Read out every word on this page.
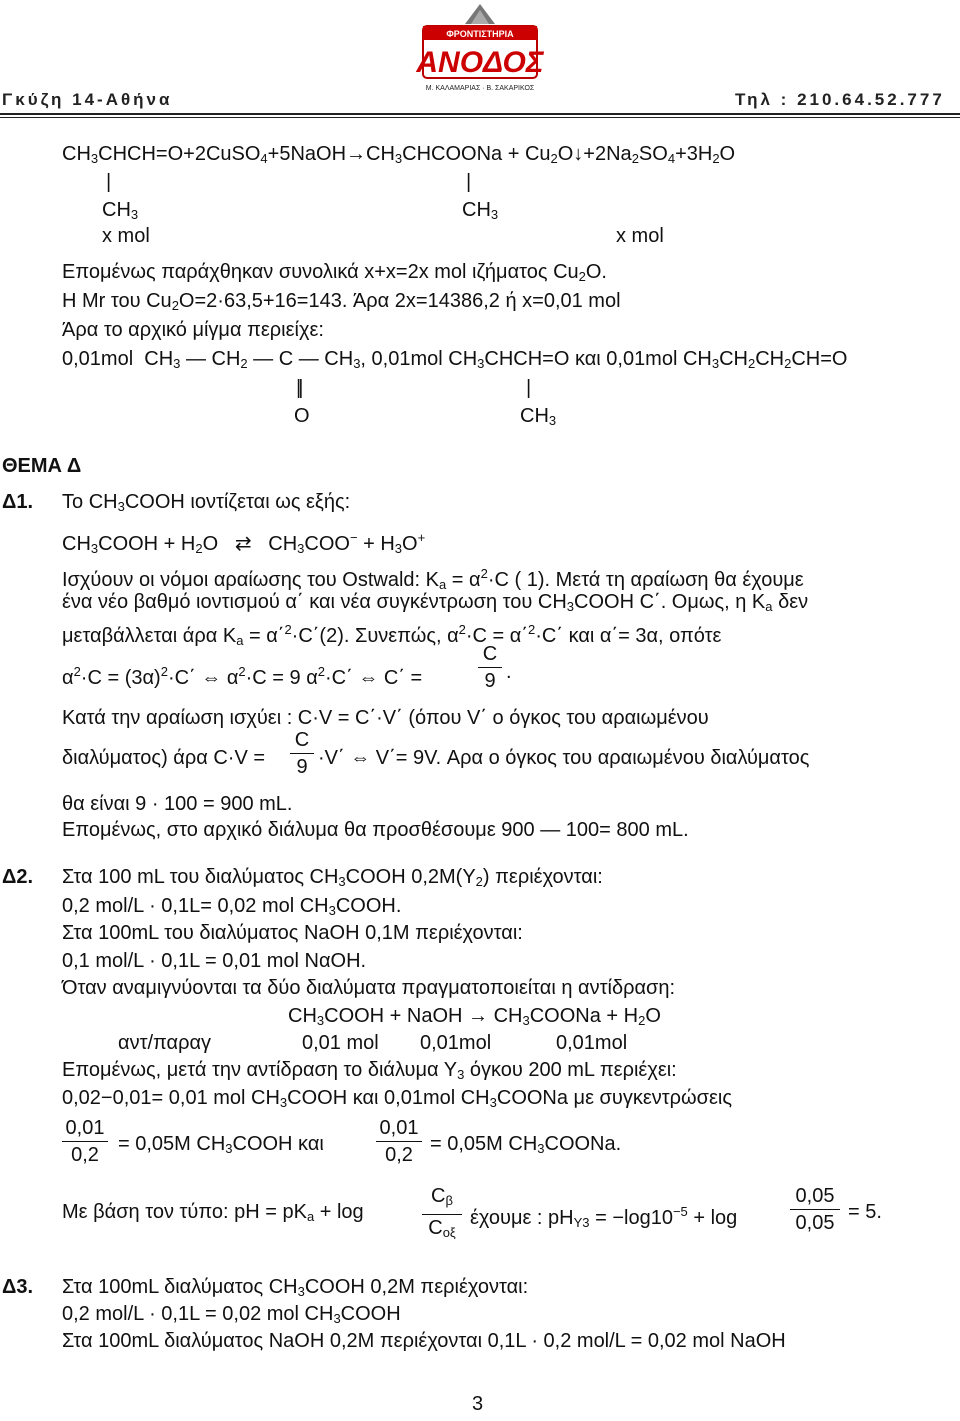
ΦΡΟΝΤΙΣΤΗΡΙΑ
ΑΝΟΔΟΣ
Μ. ΚΑΛΑΜΑΡΙΑΣ · Β. ΣΑΚΑΡΙΚΟΣ
Γκύζη 14-Αθήνα	Τηλ : 210.64.52.777
$CH_3CHCH=O+2CuSO_4+5NaOH\to CH_3CHCOONa$ + $Cu_2O↓+2Na_2SO_4+3H_2O$
|	|
$CH_3$	$CH_3$
x mol	x mol
Επομένως παράχθηκαν συνολικά x+x=2x mol ιζήματος $Cu_2O$.
Η Mr του $Cu_2O=2\cdot 63,5+16=143$. Άρα 2x=14386,2 ή x=0,01 mol
Άρα το αρχικό μίγμα περιείχε:
0,01mol  $CH_3$ — $CH_2$ — C — $CH_3$, 0,01mol $CH_3CHCH=O$ και 0,01mol $CH_3CH_2CH_2CH=O$
||	|
O	$CH_3$
ΘΕΜΑ Δ
Δ1. Το $CH_3COOH$ ιοντίζεται ως εξής:
$CH_3COOH + H_2O$   ⇄   $CH_3COO^- + H_3O^+$
Ισχύουν οι νόμοι αραίωσης του Ostwald: $K_a = \alpha^2\cdot C$ ( 1). Μετά τη αραίωση θα έχουμε
ένα νέο βαθμό ιοντισμού α΄ και νέα συγκέντρωση του $CH_3COOH$ C΄. Ομως, η $K_a$ δεν
μεταβάλλεται άρα $K_a = \alpha΄^2\cdot C΄(2)$. Συνεπώς, $\alpha^2\cdot C = \alpha΄^2\cdot C΄$ και α΄= 3α, οπότε
$\alpha^2\cdot C = (3\alpha)^2\cdot C΄$ ⇔ $\alpha^2\cdot C = 9$ $\alpha^2\cdot C΄$ ⇔ C΄ =
C
9 .
Κατά την αραίωση ισχύει : C·V = C΄·V΄ (όπου V΄ ο όγκος του αραιωμένου
διαλύματος) άρα C·V =
C
9 ·V΄ ⇔ V΄= 9V. Αρα ο όγκος του αραιωμένου διαλύματος
θα είναι 9 · 100 = 900 mL.
Επομένως, στο αρχικό διάλυμα θα προσθέσουμε 900 — 100= 800 mL.
Δ2. Στα 100 mL του διαλύματος $CH_3COOH$ $0,2M(Y_2)$ περιέχονται:
0,2 mol/L · 0,1L= 0,02 mol $CH_3COOH$.
Στα 100mL του διαλύματος NaOH 0,1M περιέχονται:
0,1 mol/L · 0,1L = 0,01 mol NαOH.
Όταν αναμιγνύονται τα δύο διαλύματα πραγματοποιείται η αντίδραση:
$CH_3COOH$ + NaOH → $CH_3COONa + H_2O$
αντ/παραγ	0,01 mol 0,01mol	0,01mol
Επομένως, μετά την αντίδραση το διάλυμα $\Upsilon_3$ όγκου 200 mL περιέχει:
0,02−0,01= 0,01 mol $CH_3COOH$ και 0,01mol $CH_3COONa$ με συγκεντρώσεις
0,01
0,2 = 0,05M $CH_3COOH$ και
0,01
0,2 = 0,05M $CH_3COONa$.
Με βάση τον τύπο: pH = $pK_a + \log$
$C_\beta$
$C_{o\xi}$
έχουμε : $pH_{\Upsilon 3} = -\log 10^{-5} + \log$
0,05
0,05 = 5.
Δ3. Στα 100mL διαλύματος $CH_3COOH$ 0,2M περιέχονται:
0,2 mol/L · 0,1L = 0,02 mol $CH_3COOH$
Στα 100mL διαλύματος NaOH 0,2M περιέχονται 0,1L · 0,2 mol/L = 0,02 mol NaOH
3
